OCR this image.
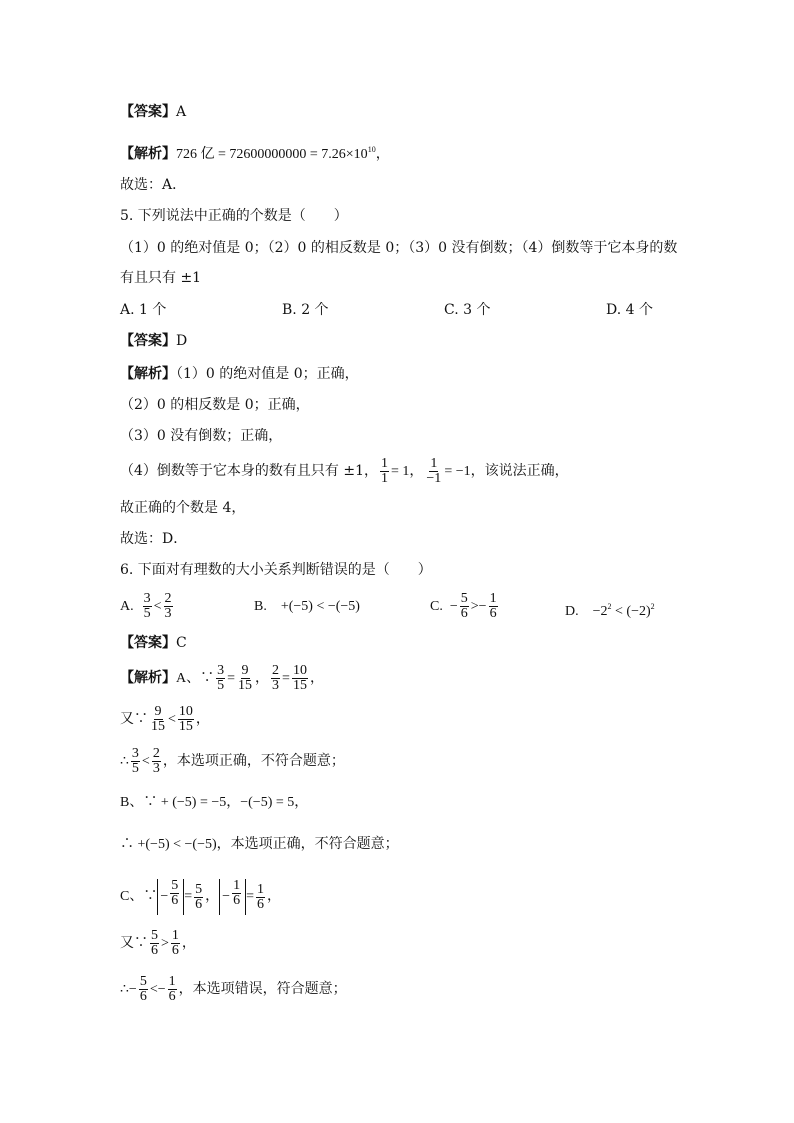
【答案】A
【解析】726 亿 = $72600000000 = 7.26\times 10^{10}$，
故选：A．
5. 下列说法中正确的个数是（　　）
（1）0 的绝对值是 0；（2）0 的相反数是 0；（3）0 没有倒数；（4）倒数等于它本身的数
有且只有 ±1
A. 1 个	B. 2 个	C. 3 个	D. 4 个
【答案】D
【解析】（1）0 的绝对值是 0；正确，
（2）0 的相反数是 0；正确，
（3）0 没有倒数；正确，
（4）倒数等于它本身的数有且只有 ±1， $\frac{1}{1} = 1$， $\frac{1}{-1} = -1$，该说法正确，
故正确的个数是 4，
故选：D．
6. 下面对有理数的大小关系判断错误的是（　　）
A. $\frac{3}{5} < \frac{2}{3}$	B.　+(−5) < −(−5)	C. − $\frac{5}{6} >- \frac{1}{6}$	D.　$-2^2 < (-2)^2$
【答案】C
【解析】A、∵ $\frac{3}{5} = \frac{9}{15}$ ， $\frac{2}{3} = \frac{10}{15}$ ，
又∵ $\frac{9}{15} < \frac{10}{15}$ ，
∴ $\frac{3}{5} < \frac{2}{3}$ ，本选项正确，不符合题意；
B、∵ + (−5) = −5，−(−5) = 5，
∴ +(−5) < −(−5)，本选项正确，不符合题意；
C、∵ − $\frac{5}{6} = \frac{5}{6}$ ， − $\frac{1}{6} = \frac{1}{6}$ ，
又∵ $\frac{5}{6} > \frac{1}{6}$ ，
∴− $\frac{5}{6} <- \frac{1}{6}$ ，本选项错误，符合题意；
